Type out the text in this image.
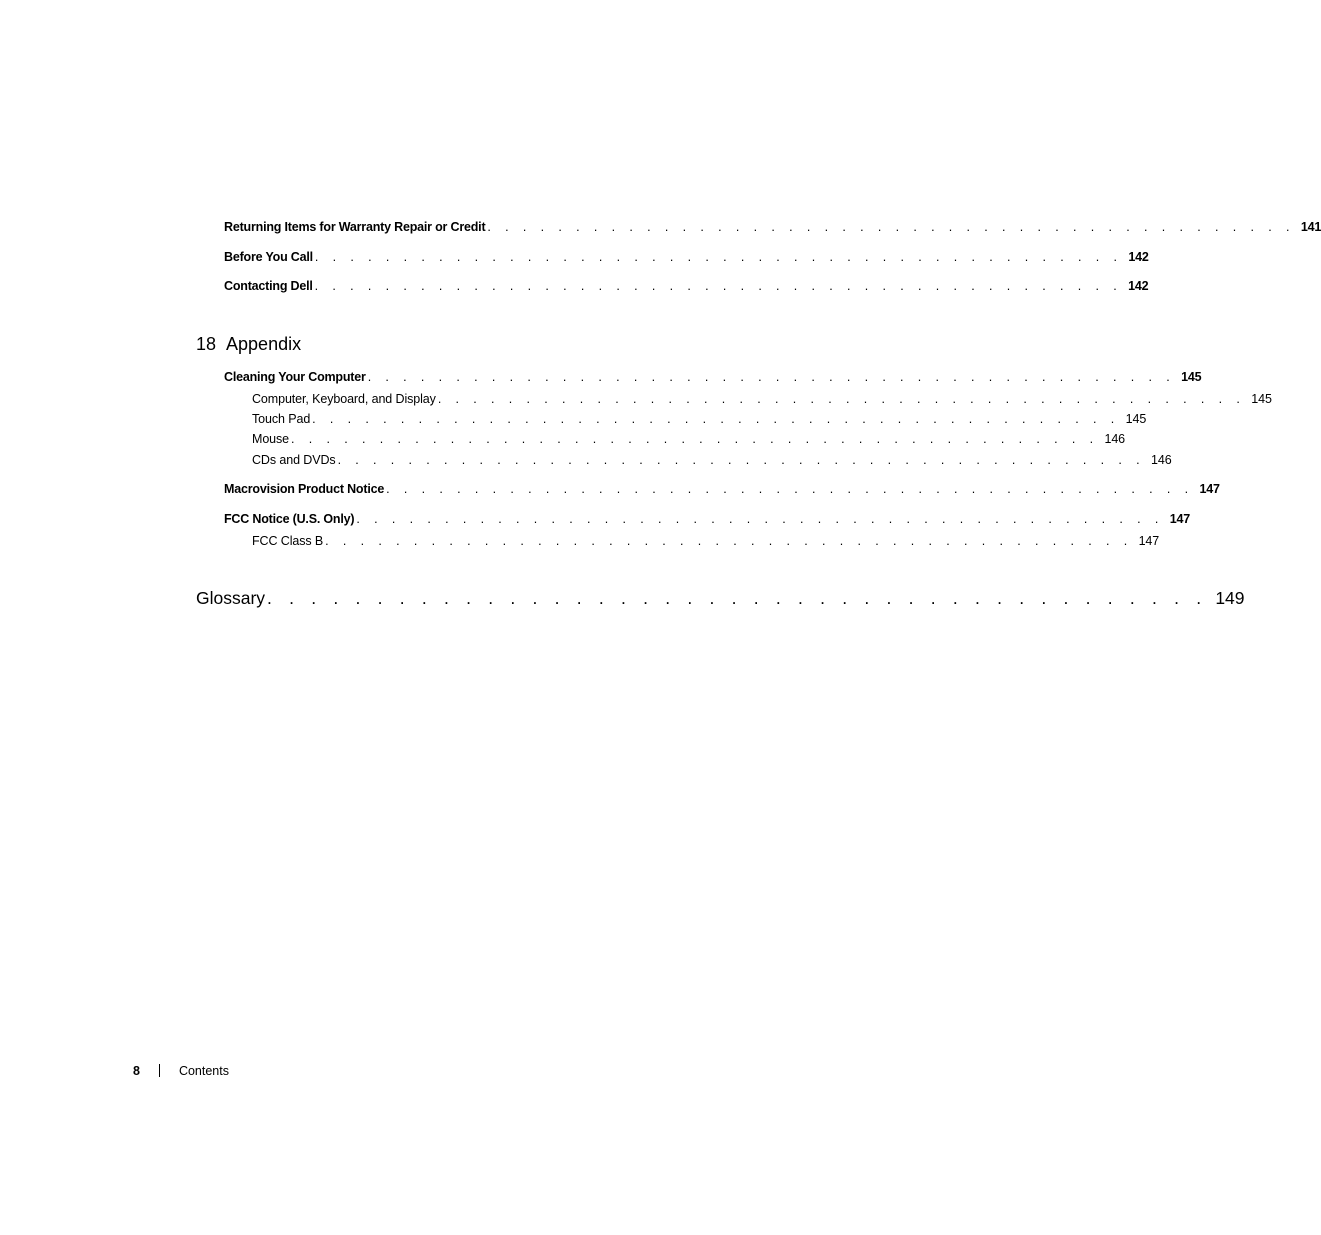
Returning Items for Warranty Repair or Credit . . . . . . . . . . . . . . . . . . . . . . . . . . . . . . . . . . . . . . . . . . . . . . 141
Before You Call . . . . . . . . . . . . . . . . . . . . . . . . . . . . . . . . . . . . . . . . . . . . . . 142
Contacting Dell . . . . . . . . . . . . . . . . . . . . . . . . . . . . . . . . . . . . . . . . . . . . . . 142
18 Appendix
Cleaning Your Computer . . . . . . . . . . . . . . . . . . . . . . . . . . . . . . . . . . . . . . . . . . . . . . 145
Computer, Keyboard, and Display . . . . . . . . . . . . . . . . . . . . . . . . . . . . . . . . . . . . . . . . . . . . . . 145
Touch Pad . . . . . . . . . . . . . . . . . . . . . . . . . . . . . . . . . . . . . . . . . . . . . . 145
Mouse . . . . . . . . . . . . . . . . . . . . . . . . . . . . . . . . . . . . . . . . . . . . . . 146
CDs and DVDs . . . . . . . . . . . . . . . . . . . . . . . . . . . . . . . . . . . . . . . . . . . . . . 146
Macrovision Product Notice . . . . . . . . . . . . . . . . . . . . . . . . . . . . . . . . . . . . . . . . . . . . . . 147
FCC Notice (U.S. Only) . . . . . . . . . . . . . . . . . . . . . . . . . . . . . . . . . . . . . . . . . . . . . . 147
FCC Class B . . . . . . . . . . . . . . . . . . . . . . . . . . . . . . . . . . . . . . . . . . . . . . 147
Glossary . . . . . . . . . . . . . . . . . . . . . . . . . . . . . . . . . . . . . . . . . . . 149
8	Contents
